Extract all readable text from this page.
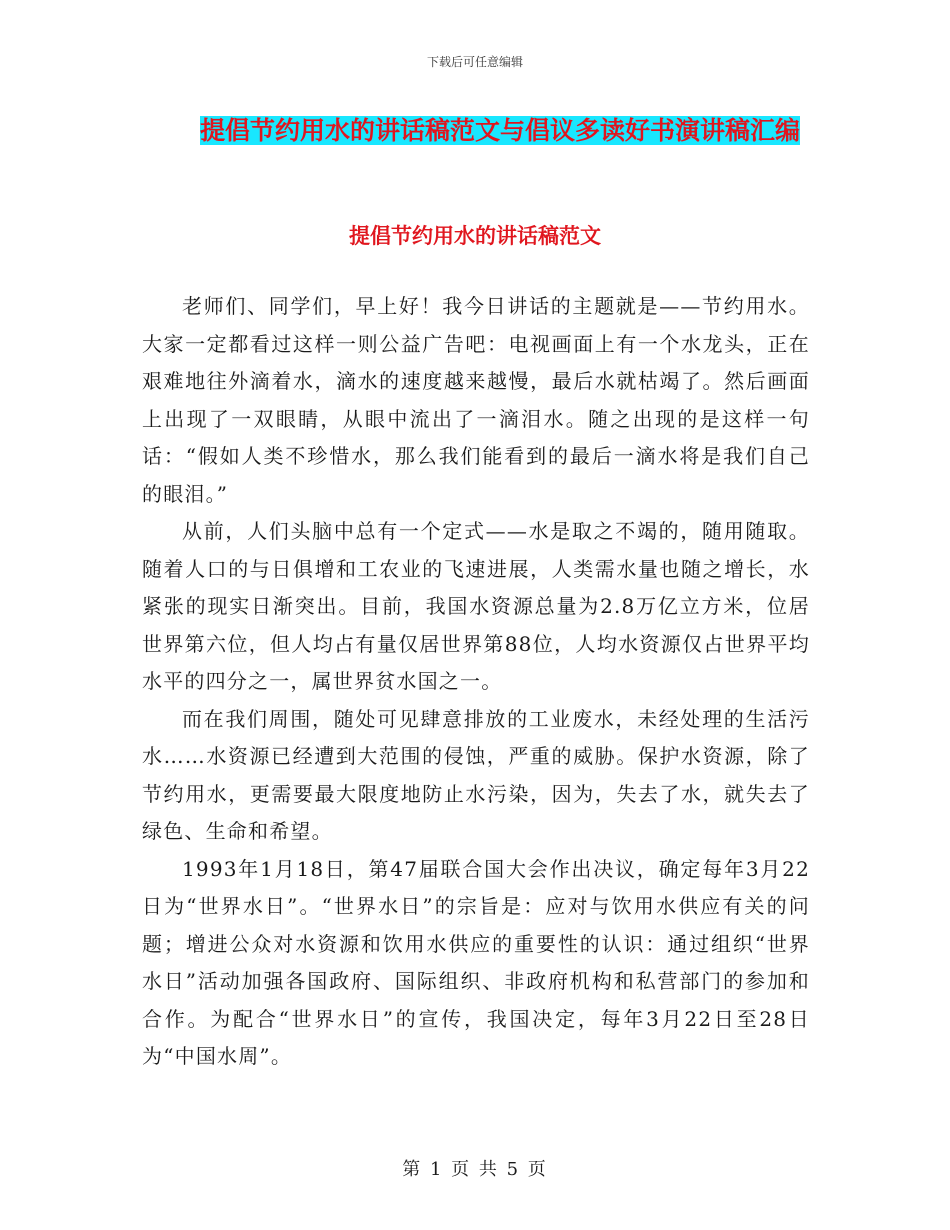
下载后可任意编辑
提倡节约用水的讲话稿范文与倡议多读好书演讲稿汇编
提倡节约用水的讲话稿范文

老师们、同学们，早上好！我今日讲话的主题就是——节约用水。大家一定都看过这样一则公益广告吧：电视画面上有一个水龙头，正在艰难地往外滴着水，滴水的速度越来越慢，最后水就枯竭了。然后画面上出现了一双眼睛，从眼中流出了一滴泪水。随之出现的是这样一句话：“假如人类不珍惜水，那么我们能看到的最后一滴水将是我们自己的眼泪。”

从前，人们头脑中总有一个定式——水是取之不竭的，随用随取。随着人口的与日俱增和工农业的飞速进展，人类需水量也随之增长，水紧张的现实日渐突出。目前，我国水资源总量为2.8万亿立方米，位居世界第六位，但人均占有量仅居世界第88位，人均水资源仅占世界平均水平的四分之一，属世界贫水国之一。

而在我们周围，随处可见肆意排放的工业废水，未经处理的生活污水……水资源已经遭到大范围的侵蚀，严重的威胁。保护水资源，除了节约用水，更需要最大限度地防止水污染，因为，失去了水，就失去了绿色、生命和希望。

1993年1月18日，第47届联合国大会作出决议，确定每年3月22日为“世界水日”。“世界水日”的宗旨是：应对与饮用水供应有关的问题；增进公众对水资源和饮用水供应的重要性的认识：通过组织“世界水日”活动加强各国政府、国际组织、非政府机构和私营部门的参加和合作。为配合“世界水日”的宣传，我国决定，每年3月22日至28日为“中国水周”。

第 1 页 共 5 页
